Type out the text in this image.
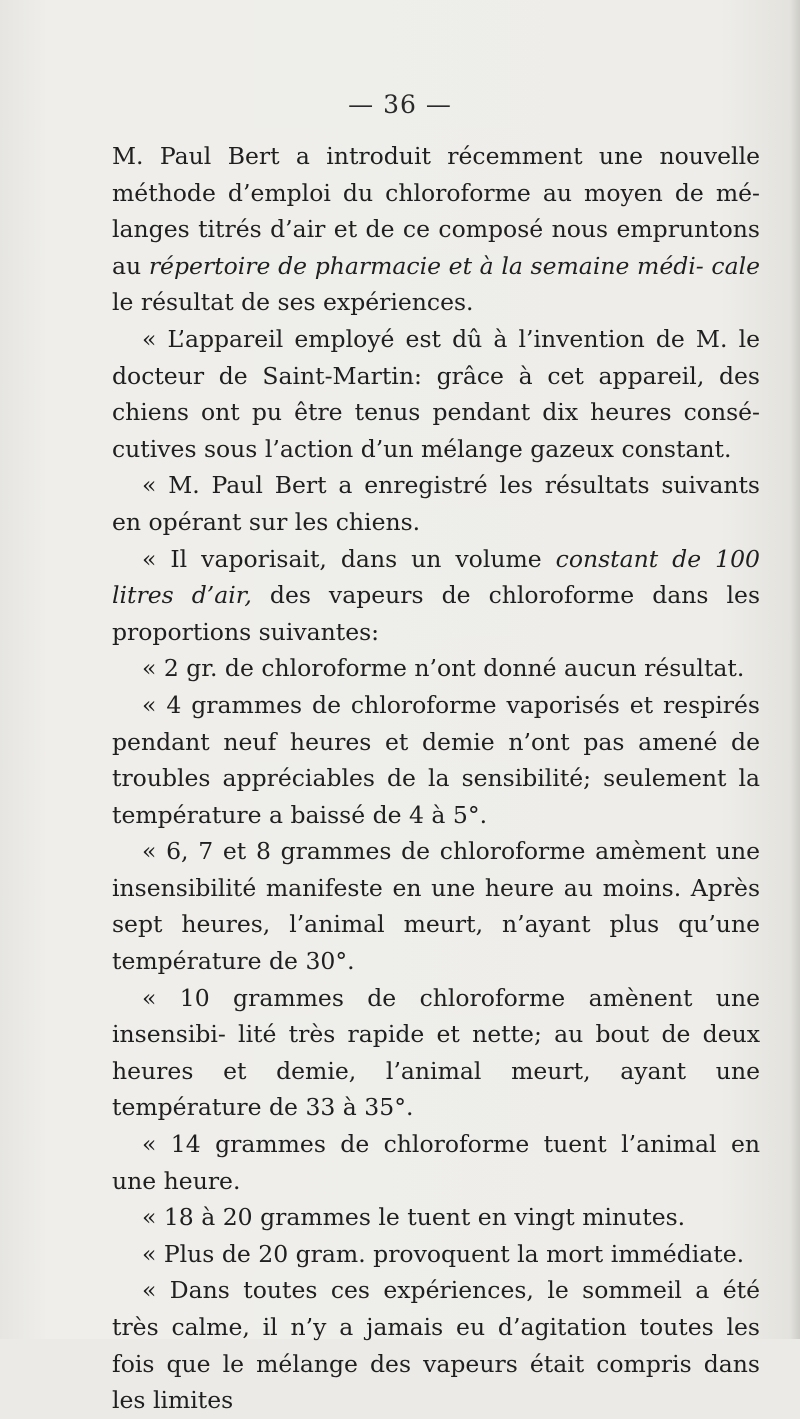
— 36 —

M. Paul Bert a introduit récemment une nouvelle méthode d’emploi du chloroforme au moyen de mé- langes titrés d’air et de ce composé nous empruntons au répertoire de pharmacie et à la semaine médi- cale le résultat de ses expériences.

« L’appareil employé est dû à l’invention de M. le docteur de Saint-Martin: grâce à cet appareil, des chiens ont pu être tenus pendant dix heures consé- cutives sous l’action d’un mélange gazeux constant.

« M. Paul Bert a enregistré les résultats suivants en opérant sur les chiens.

« Il vaporisait, dans un volume constant de 100 litres d’air, des vapeurs de chloroforme dans les proportions suivantes:

« 2 gr. de chloroforme n’ont donné aucun résultat.

« 4 grammes de chloroforme vaporisés et respirés pendant neuf heures et demie n’ont pas amené de troubles appréciables de la sensibilité; seulement la température a baissé de 4 à 5°.

« 6, 7 et 8 grammes de chloroforme amèment une insensibilité manifeste en une heure au moins. Après sept heures, l’animal meurt, n’ayant plus qu’une température de 30°.

« 10 grammes de chloroforme amènent une insensibi- lité très rapide et nette; au bout de deux heures et demie, l’animal meurt, ayant une température de 33 à 35°.

« 14 grammes de chloroforme tuent l’animal en une heure.

« 18 à 20 grammes le tuent en vingt minutes.

« Plus de 20 gram. provoquent la mort immédiate.

« Dans toutes ces expériences, le sommeil a été très calme, il n’y a jamais eu d’agitation toutes les fois que le mélange des vapeurs était compris dans les limites
